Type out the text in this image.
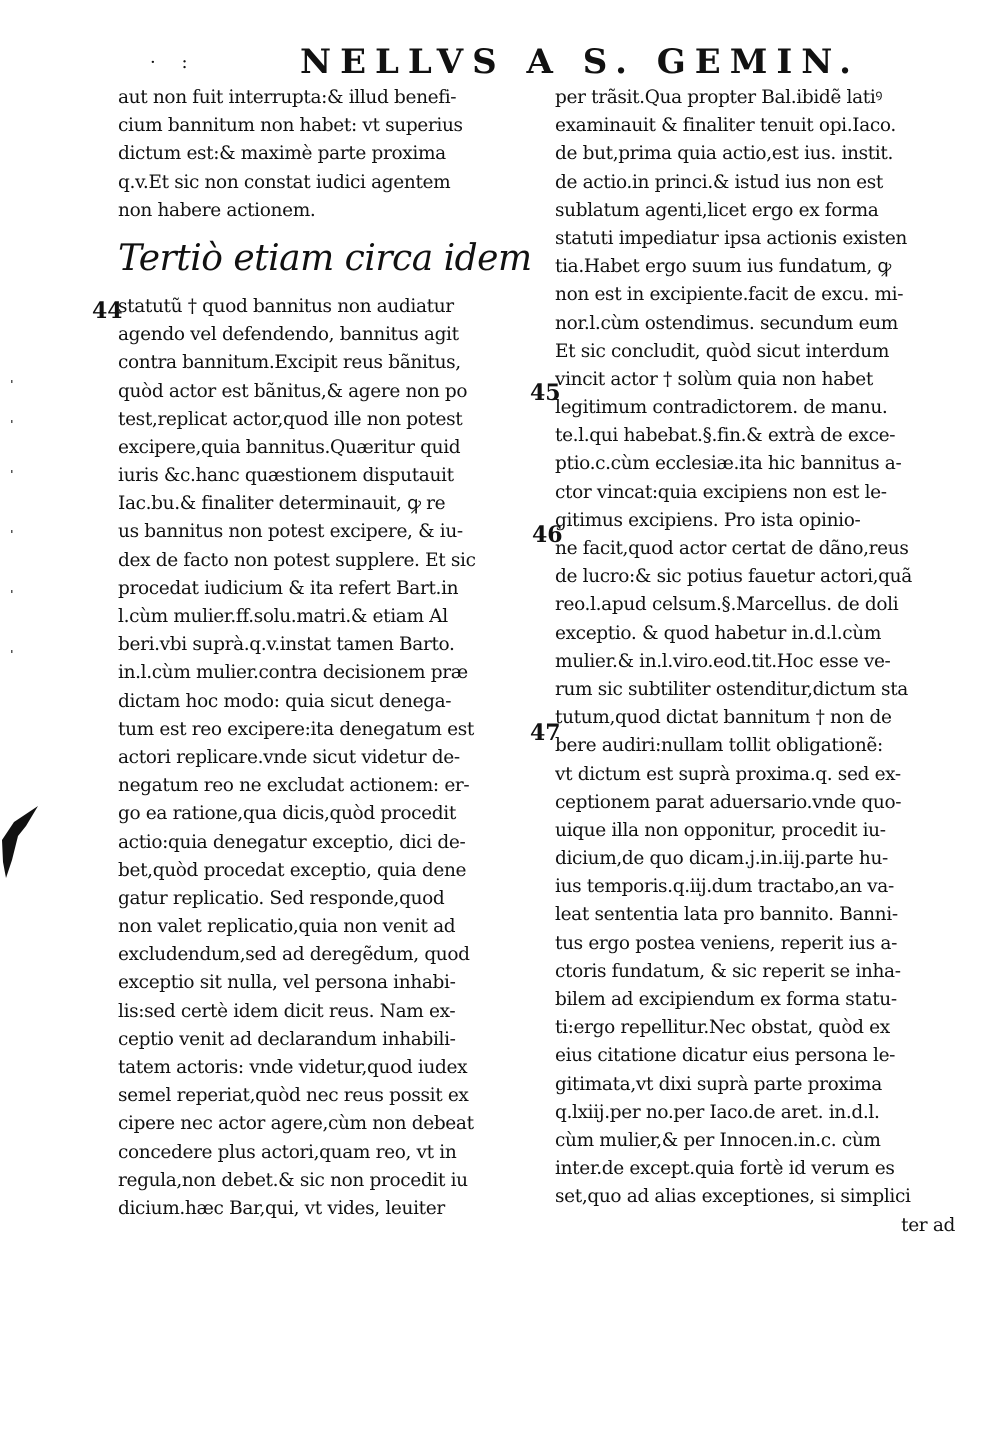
· :	NELLVS A S. GEMIN.
aut non fuit interrupta:& illud benefi-
cium bannitum non habet: vt superius
dictum est:& maximè parte proxima
q.v.Et sic non constat iudici agentem
non habere actionem.
Tertiò etiam circa idem
statutũ † quod bannitus non audiatur
agendo vel defendendo, bannitus agit
contra bannitum.Excipit reus bãnitus,
quòd actor est bãnitus,& agere non po
test,replicat actor,quod ille non potest
excipere,quia bannitus.Quæritur quid
iuris &c.hanc quæstionem disputauit
Iac.bu.& finaliter determinauit, ꝙ re
us bannitus non potest excipere, & iu-
dex de facto non potest supplere. Et sic
procedat iudicium & ita refert Bart.in
l.cùm mulier.ff.solu.matri.& etiam Al
beri.vbi suprà.q.v.instat tamen Barto.
in.l.cùm mulier.contra decisionem præ
dictam hoc modo: quia sicut denega-
tum est reo excipere:ita denegatum est
actori replicare.vnde sicut videtur de-
negatum reo ne excludat actionem: er-
go ea ratione,qua dicis,quòd procedit
actio:quia denegatur exceptio, dici de-
bet,quòd procedat exceptio, quia dene
gatur replicatio. Sed responde,quod
non valet replicatio,quia non venit ad
excludendum,sed ad deregẽdum, quod
exceptio sit nulla, vel persona inhabi-
lis:sed certè idem dicit reus. Nam ex-
ceptio venit ad declarandum inhabili-
tatem actoris: vnde videtur,quod iudex
semel reperiat,quòd nec reus possit ex
cipere nec actor agere,cùm non debeat
concedere plus actori,quam reo, vt in
regula,non debet.& sic non procedit iu
dicium.hæc Bar,qui, vt vides, leuiter
per trãsit.Qua propter Bal.ibidẽ latiꝰ
examinauit & finaliter tenuit opi.Iaco.
de but,prima quia actio,est ius. instit.
de actio.in princi.& istud ius non est
sublatum agenti,licet ergo ex forma
statuti impediatur ipsa actionis existen
tia.Habet ergo suum ius fundatum, ꝙ
non est in excipiente.facit de excu. mi-
nor.l.cùm ostendimus. secundum eum
Et sic concludit, quòd sicut interdum
vincit actor † solùm quia non habet
legitimum contradictorem. de manu.
te.l.qui habebat.§.fin.& extrà de exce-
ptio.c.cùm ecclesiæ.ita hic bannitus a-
ctor vincat:quia excipiens non est le-
gitimus excipiens. Pro ista opinio-
ne facit,quod actor certat de dãno,reus
de lucro:& sic potius fauetur actori,quã
reo.l.apud celsum.§.Marcellus. de doli
exceptio. & quod habetur in.d.l.cùm
mulier.& in.l.viro.eod.tit.Hoc esse ve-
rum sic subtiliter ostenditur,dictum sta
tutum,quod dictat bannitum † non de
bere audiri:nullam tollit obligationẽ:
vt dictum est suprà proxima.q. sed ex-
ceptionem parat aduersario.vnde quo-
uique illa non opponitur, procedit iu-
dicium,de quo dicam.j.in.iij.parte hu-
ius temporis.q.iij.dum tractabo,an va-
leat sententia lata pro bannito. Banni-
tus ergo postea veniens, reperit ius a-
ctoris fundatum, & sic reperit se inha-
bilem ad excipiendum ex forma statu-
ti:ergo repellitur.Nec obstat, quòd ex
eius citatione dicatur eius persona le-
gitimata,vt dixi suprà parte proxima
q.lxiij.per no.per Iaco.de aret. in.d.l.
cùm mulier,& per Innocen.in.c. cùm
inter.de except.quia fortè id verum es
set,quo ad alias exceptiones, si simplici
ter ad
44
45
46
47
